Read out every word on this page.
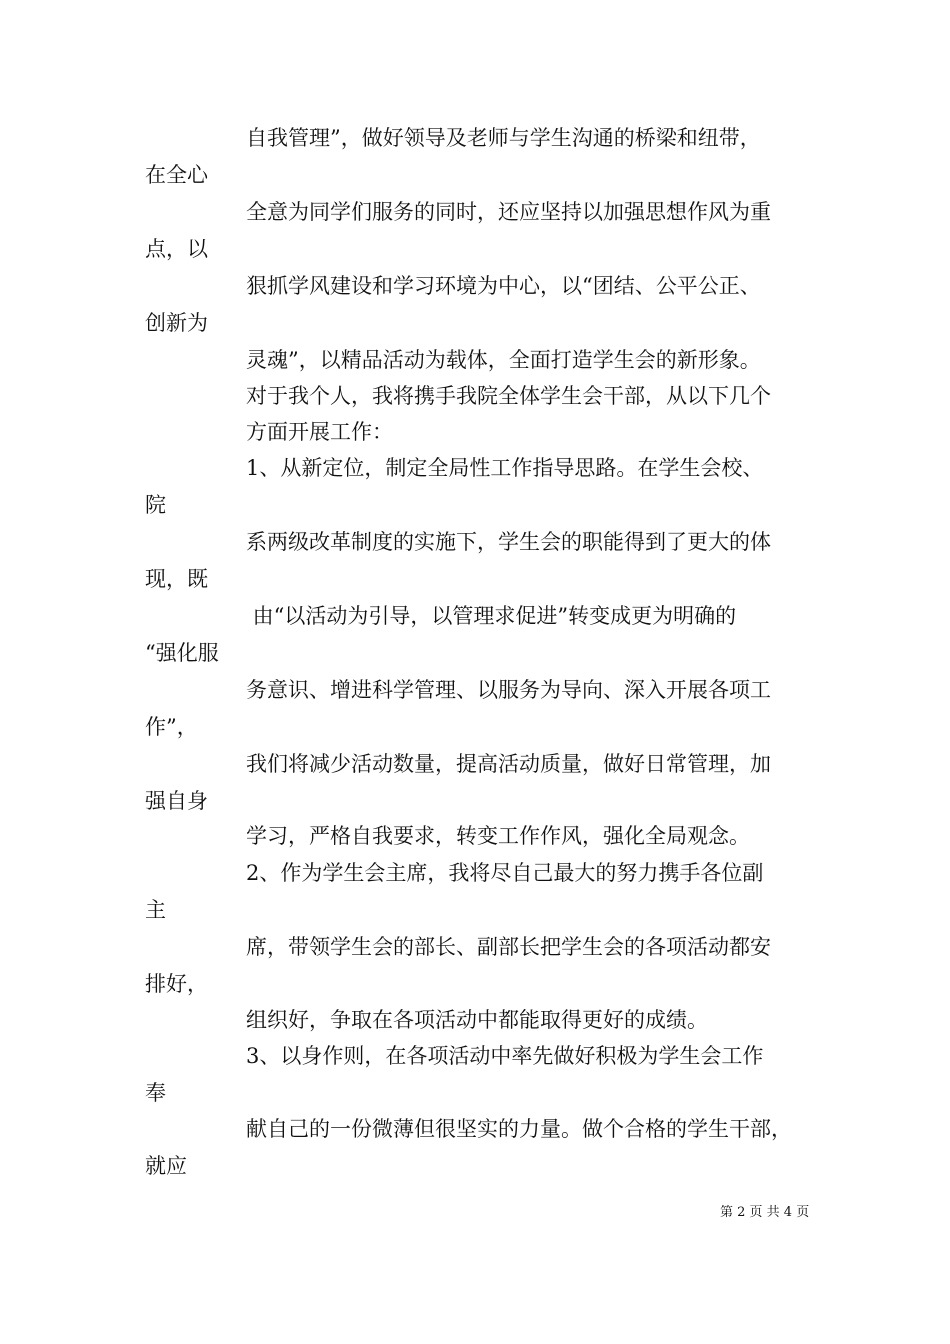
自我管理”，做好领导及老师与学生沟通的桥梁和纽带，
在全心
全意为同学们服务的同时，还应坚持以加强思想作风为重
点，以
狠抓学风建设和学习环境为中心，以“团结、公平公正、
创新为
灵魂”，以精品活动为载体，全面打造学生会的新形象。
对于我个人，我将携手我院全体学生会干部，从以下几个
方面开展工作：
1、从新定位，制定全局性工作指导思路。在学生会校、
院
系两级改革制度的实施下，学生会的职能得到了更大的体
现，既
由“以活动为引导，以管理求促进”转变成更为明确的
“强化服
务意识、增进科学管理、以服务为导向、深入开展各项工
作”，
我们将减少活动数量，提高活动质量，做好日常管理，加
强自身
学习，严格自我要求，转变工作作风，强化全局观念。
2、作为学生会主席，我将尽自己最大的努力携手各位副
主
席，带领学生会的部长、副部长把学生会的各项活动都安
排好，
组织好，争取在各项活动中都能取得更好的成绩。
3、以身作则，在各项活动中率先做好积极为学生会工作
奉
献自己的一份微薄但很坚实的力量。做个合格的学生干部，
就应
第 2 页 共 4 页
